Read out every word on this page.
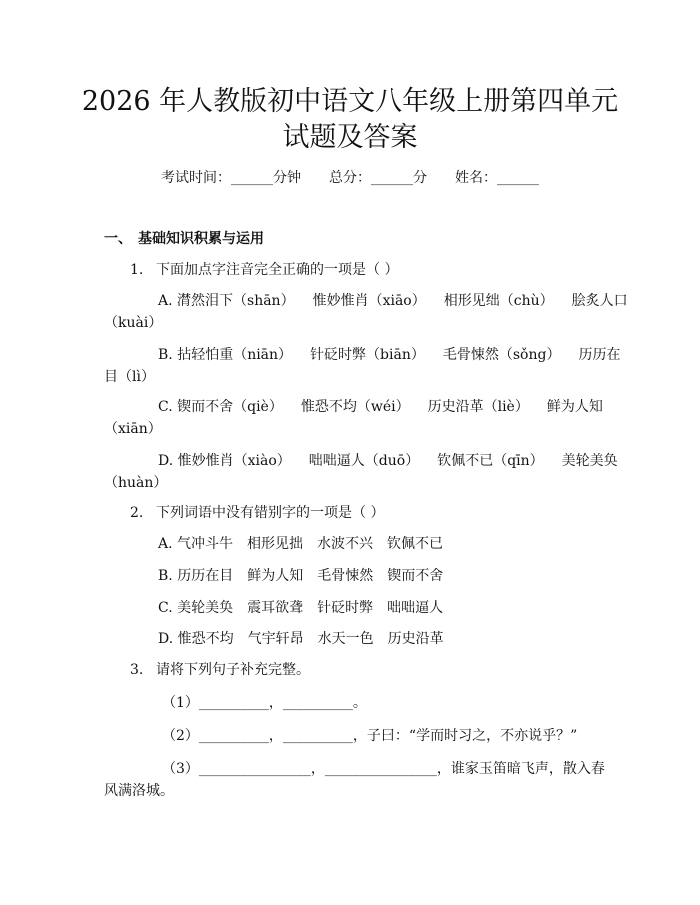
2026 年人教版初中语文八年级上册第四单元
试题及答案
考试时间：______分钟 总分：______分 姓名：______
一、 基础知识积累与运用
1. 下面加点字注音完全正确的一项是（ ）
A. 潸然泪下（shān） 惟妙惟肖（xiāo） 相形见绌（chù） 脍炙人口
（kuài）
B. 拈轻怕重（niān） 针砭时弊（biān） 毛骨悚然（sǒng） 历历在
目（lì）
C. 锲而不舍（qiè） 惟恐不均（wéi） 历史沿革（liè） 鲜为人知
（xiān）
D. 惟妙惟肖（xiào） 咄咄逼人（duō） 钦佩不已（qīn） 美轮美奂
（huàn）
2. 下列词语中没有错别字的一项是（ ）
A. 气冲斗牛 相形见拙 水波不兴 钦佩不已
B. 历历在目 鲜为人知 毛骨悚然 锲而不舍
C. 美轮美奂 震耳欲聋 针砭时弊 咄咄逼人
D. 惟恐不均 气宇轩昂 水天一色 历史沿革
3. 请将下列句子补充完整。
（1）__________，__________。
（2）__________，__________，子曰：“学而时习之，不亦说乎？”
（3）________________，________________，谁家玉笛暗飞声，散入春
风满洛城。
